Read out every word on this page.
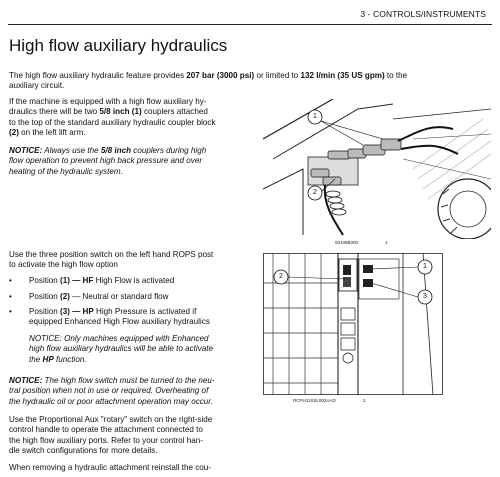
3 - CONTROLS/INSTRUMENTS
High flow auxiliary hydraulics
The high flow auxiliary hydraulic feature provides 207 bar (3000 psi) or limited to 132 l/min (35 US gpm) to the
auxiliary circuit.
If the machine is equipped with a high flow auxiliary hy-
draulics there will be two 5/8 inch (1) couplers attached
to the top of the standard auxiliary hydraulic coupler block
(2) on the left lift arm.
NOTICE: Always use the 5/8 inch couplers during high
flow operation to prevent high back pressure and over
heating of the hydraulic system.
Use the three position switch on the left hand ROPS post
to activate the high flow option
• Position (1) — HF High Flow is activated
• Position (2) — Neutral or standard flow
• Position (3) — HP High Pressure is activated if
equipped Enhanced High Flow auxiliary hydraulics
NOTICE: Only machines equipped with Enhanced
high flow auxiliary hydraulics will be able to activate
the HP function.
NOTICE: The high flow switch must be turned to the neu-
tral position when not in use or required. Overheating of
the hydraulic oil or poor attachment operation may occur.
Use the Proportional Aux "rotary" switch on the right-side
control handle to operate the attachment connected to
the high flow auxiliary ports. Refer to your control han-
dle switch configurations for more details.
When removing a hydraulic attachment reinstall the cou-
1
2
93108B300	1
1
2
3
RCPH11SSL002AAD	2
